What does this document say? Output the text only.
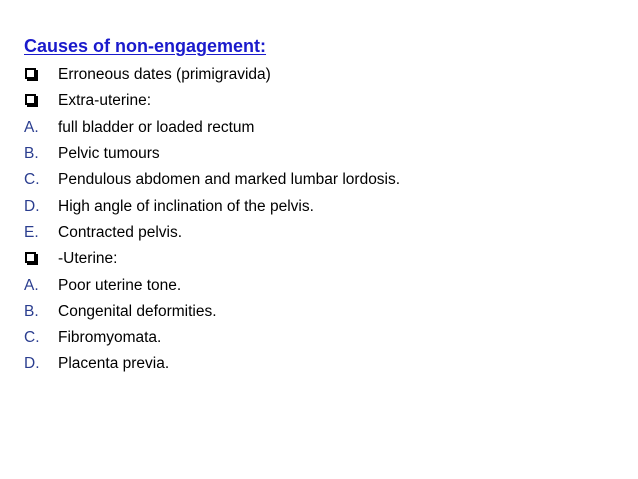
Causes of non-engagement:
Erroneous dates (primigravida)
Extra-uterine:
A.	full bladder or loaded rectum
B.	Pelvic tumours
C.	Pendulous abdomen and marked lumbar lordosis.
D.	High angle of inclination of the pelvis.
E.	Contracted pelvis.
-Uterine:
A.	Poor uterine tone.
B.	Congenital deformities.
C.	Fibromyomata.
D.	Placenta previa.
